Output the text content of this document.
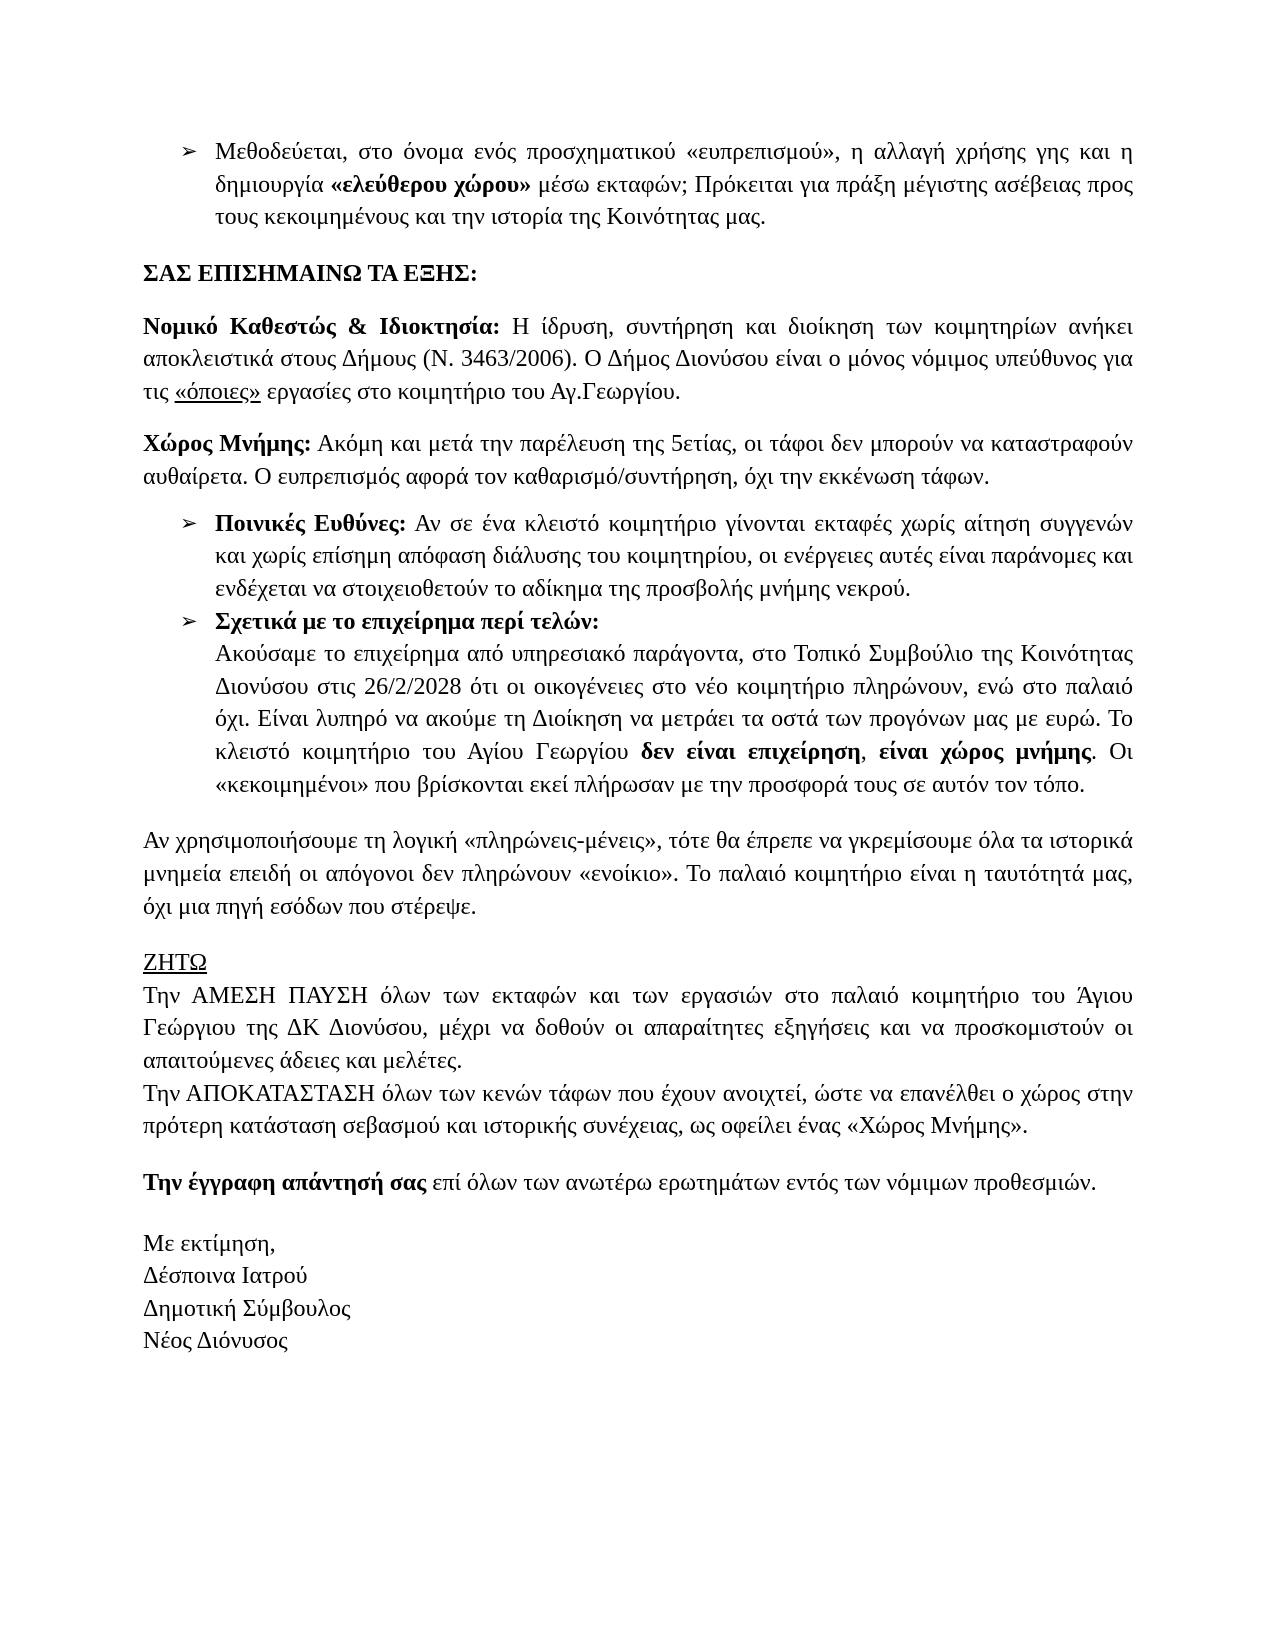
➢ Μεθοδεύεται, στο όνομα ενός προσχηματικού «ευπρεπισμού», η αλλαγή χρήσης γης και η δημιουργία «ελεύθερου χώρου» μέσω εκταφών; Πρόκειται για πράξη μέγιστης ασέβειας προς τους κεκοιμημένους και την ιστορία της Κοινότητας μας.
ΣΑΣ ΕΠΙΣΗΜΑΙΝΩ ΤΑ ΕΞΗΣ:
Νομικό Καθεστώς & Ιδιοκτησία: Η ίδρυση, συντήρηση και διοίκηση των κοιμητηρίων ανήκει αποκλειστικά στους Δήμους (Ν. 3463/2006). Ο Δήμος Διονύσου είναι ο μόνος νόμιμος υπεύθυνος για τις «όποιες» εργασίες στο κοιμητήριο του Αγ.Γεωργίου.
Χώρος Μνήμης: Ακόμη και μετά την παρέλευση της 5ετίας, οι τάφοι δεν μπορούν να καταστραφούν αυθαίρετα. Ο ευπρεπισμός αφορά τον καθαρισμό/συντήρηση, όχι την εκκένωση τάφων.
➢ Ποινικές Ευθύνες: Αν σε ένα κλειστό κοιμητήριο γίνονται εκταφές χωρίς αίτηση συγγενών και χωρίς επίσημη απόφαση διάλυσης του κοιμητηρίου, οι ενέργειες αυτές είναι παράνομες και ενδέχεται να στοιχειοθετούν το αδίκημα της προσβολής μνήμης νεκρού.
➢ Σχετικά με το επιχείρημα περί τελών:
Ακούσαμε το επιχείρημα από υπηρεσιακό παράγοντα, στο Τοπικό Συμβούλιο της Κοινότητας Διονύσου στις 26/2/2028 ότι οι οικογένειες στο νέο κοιμητήριο πληρώνουν, ενώ στο παλαιό όχι. Είναι λυπηρό να ακούμε τη Διοίκηση να μετράει τα οστά των προγόνων μας με ευρώ. Το κλειστό κοιμητήριο του Αγίου Γεωργίου δεν είναι επιχείρηση, είναι χώρος μνήμης. Οι «κεκοιμημένοι» που βρίσκονται εκεί πλήρωσαν με την προσφορά τους σε αυτόν τον τόπο.
Αν χρησιμοποιήσουμε τη λογική «πληρώνεις-μένεις», τότε θα έπρεπε να γκρεμίσουμε όλα τα ιστορικά μνημεία επειδή οι απόγονοι δεν πληρώνουν «ενοίκιο». Το παλαιό κοιμητήριο είναι η ταυτότητά μας, όχι μια πηγή εσόδων που στέρεψε.
ΖΗΤΩ
Την ΑΜΕΣΗ ΠΑΥΣΗ όλων των εκταφών και των εργασιών στο παλαιό κοιμητήριο του Άγιου Γεώργιου της ΔΚ Διονύσου, μέχρι να δοθούν οι απαραίτητες εξηγήσεις και να προσκομιστούν οι απαιτούμενες άδειες και μελέτες.
Την ΑΠΟΚΑΤΑΣΤΑΣΗ όλων των κενών τάφων που έχουν ανοιχτεί, ώστε να επανέλθει ο χώρος στην πρότερη κατάσταση σεβασμού και ιστορικής συνέχειας, ως οφείλει ένας «Χώρος Μνήμης».
Την έγγραφη απάντησή σας επί όλων των ανωτέρω ερωτημάτων εντός των νόμιμων προθεσμιών.
Με εκτίμηση,
Δέσποινα Ιατρού
Δημοτική Σύμβουλος
Νέος Διόνυσος
